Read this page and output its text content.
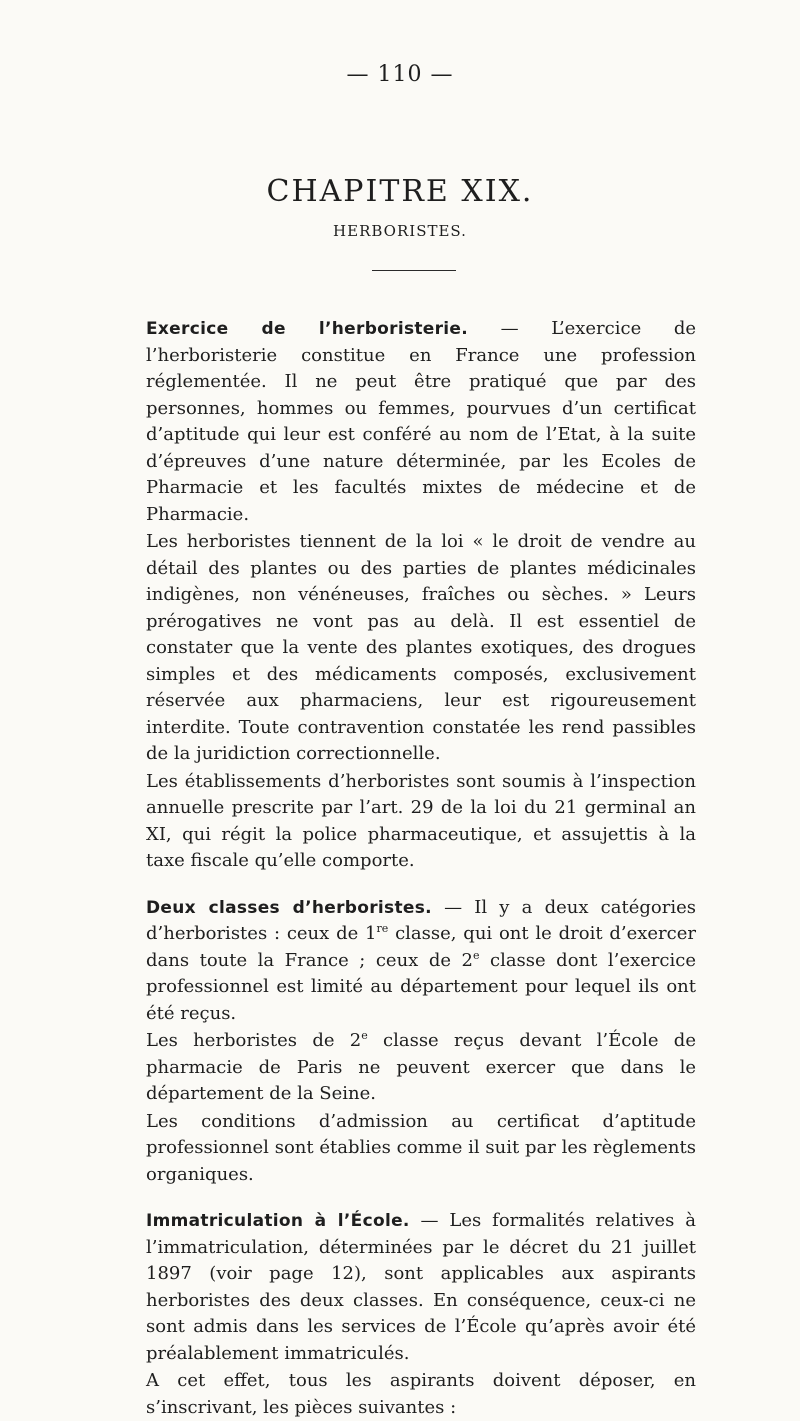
— 110 —
CHAPITRE XIX.
HERBORISTES.

Exercice de l’herboristerie. — L’exercice de l’herboristerie constitue en France une profession réglementée. Il ne peut être pratiqué que par des personnes, hommes ou femmes, pourvues d’un certificat d’aptitude qui leur est conféré au nom de l’Etat, à la suite d’épreuves d’une nature déterminée, par les Ecoles de Pharmacie et les facultés mixtes de médecine et de Pharmacie.

Les herboristes tiennent de la loi « le droit de vendre au détail des plantes ou des parties de plantes médicinales indigènes, non vénéneuses, fraîches ou sèches. » Leurs prérogatives ne vont pas au delà. Il est essentiel de constater que la vente des plantes exotiques, des drogues simples et des médicaments composés, exclusivement réservée aux pharmaciens, leur est rigoureusement interdite. Toute contravention constatée les rend passibles de la juridiction correctionnelle.

Les établissements d’herboristes sont soumis à l’inspection annuelle prescrite par l’art. 29 de la loi du 21 germinal an XI, qui régit la police pharmaceutique, et assujettis à la taxe fiscale qu’elle comporte.

Deux classes d’herboristes. — Il y a deux catégories d’herboristes : ceux de 1re classe, qui ont le droit d’exercer dans toute la France ; ceux de 2e classe dont l’exercice professionnel est limité au département pour lequel ils ont été reçus.

Les herboristes de 2e classe reçus devant l’École de pharmacie de Paris ne peuvent exercer que dans le département de la Seine.

Les conditions d’admission au certificat d’aptitude professionnel sont établies comme il suit par les règlements organiques.

Immatriculation à l’École. — Les formalités relatives à l’immatriculation, déterminées par le décret du 21 juillet 1897 (voir page 12), sont applicables aux aspirants herboristes des deux classes. En conséquence, ceux-ci ne sont admis dans les services de l’École qu’après avoir été préalablement immatriculés.

A cet effet, tous les aspirants doivent déposer, en s’inscrivant, les pièces suivantes :
